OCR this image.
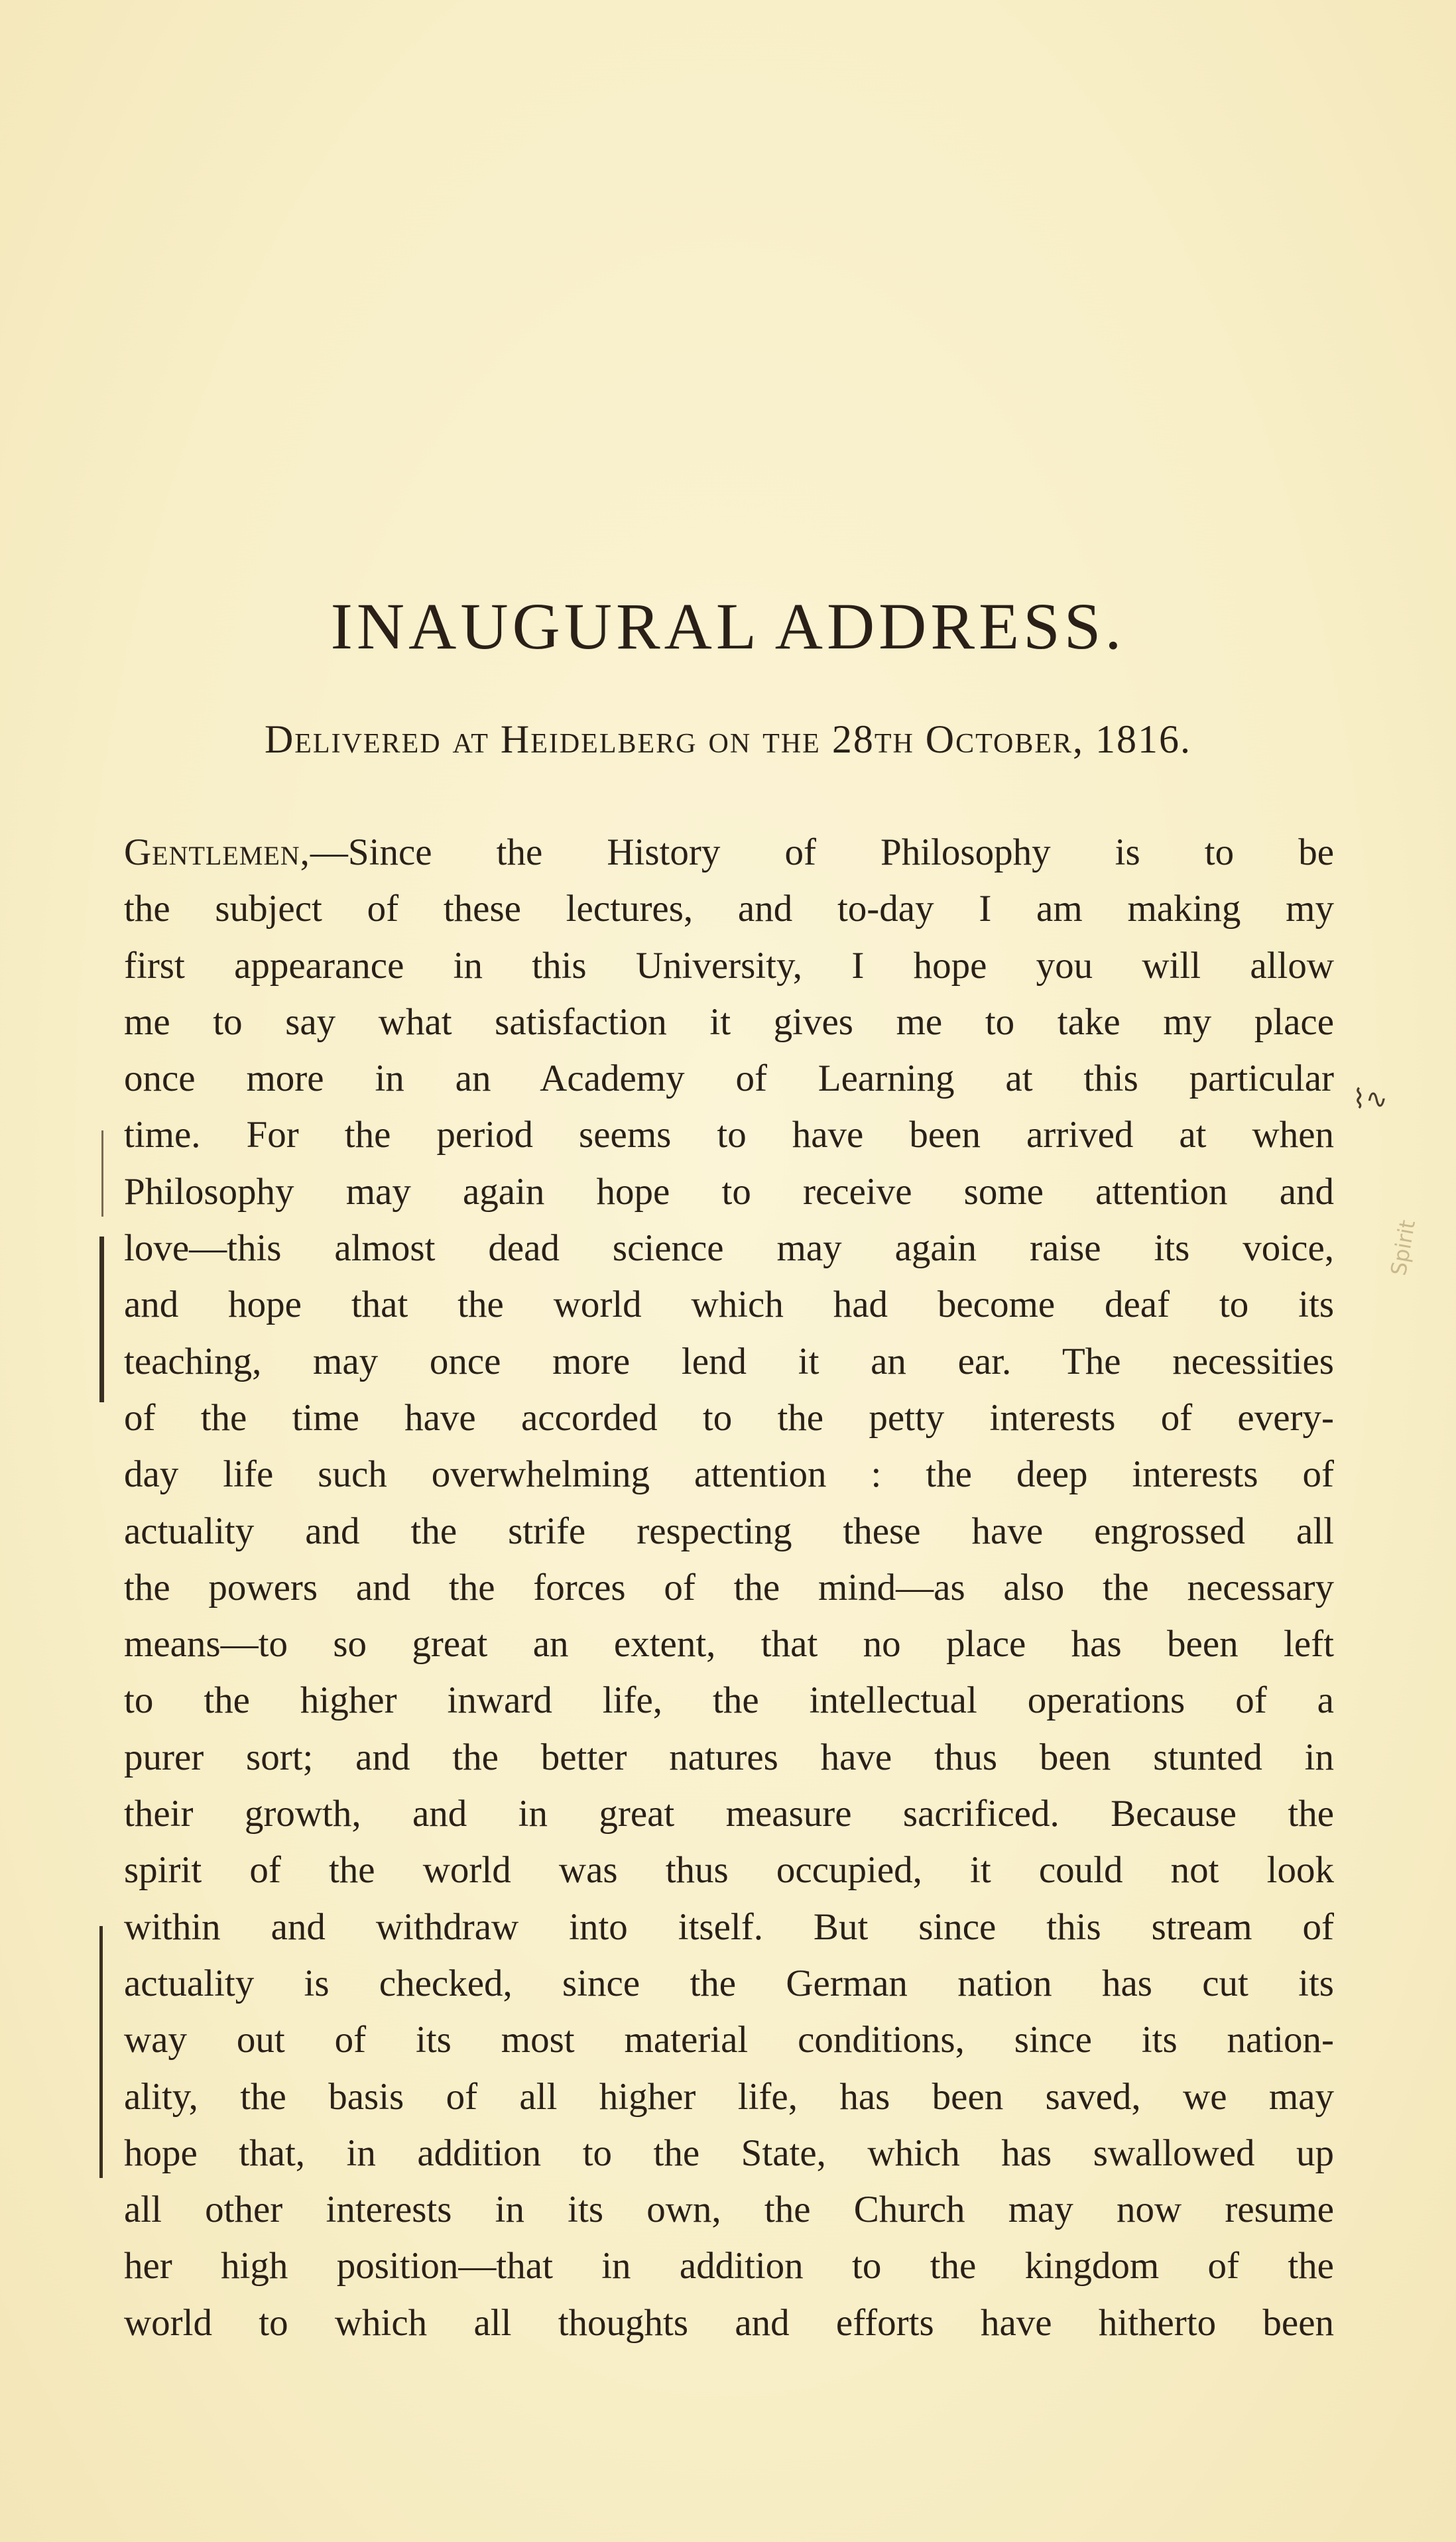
INAUGURAL ADDRESS.

Delivered at Heidelberg on the 28th October, 1816.

Gentlemen,—Since the History of Philosophy is to be
the subject of these lectures, and to-day I am making my
first appearance in this University, I hope you will allow
me to say what satisfaction it gives me to take my place
once more in an Academy of Learning at this particular
time. For the period seems to have been arrived at when
Philosophy may again hope to receive some attention and
love—this almost dead science may again raise its voice,
and hope that the world which had become deaf to its
teaching, may once more lend it an ear. The necessities
of the time have accorded to the petty interests of every-
day life such overwhelming attention : the deep interests of
actuality and the strife respecting these have engrossed all
the powers and the forces of the mind—as also the necessary
means—to so great an extent, that no place has been left
to the higher inward life, the intellectual operations of a
purer sort; and the better natures have thus been stunted in
their growth, and in great measure sacrificed. Because the
spirit of the world was thus occupied, it could not look
within and withdraw into itself. But since this stream of
actuality is checked, since the German nation has cut its
way out of its most material conditions, since its nation-
ality, the basis of all higher life, has been saved, we may
hope that, in addition to the State, which has swallowed up
all other interests in its own, the Church may now resume
her high position—that in addition to the kingdom of the
world to which all thoughts and efforts have hitherto been
⌇∿
Spirit
